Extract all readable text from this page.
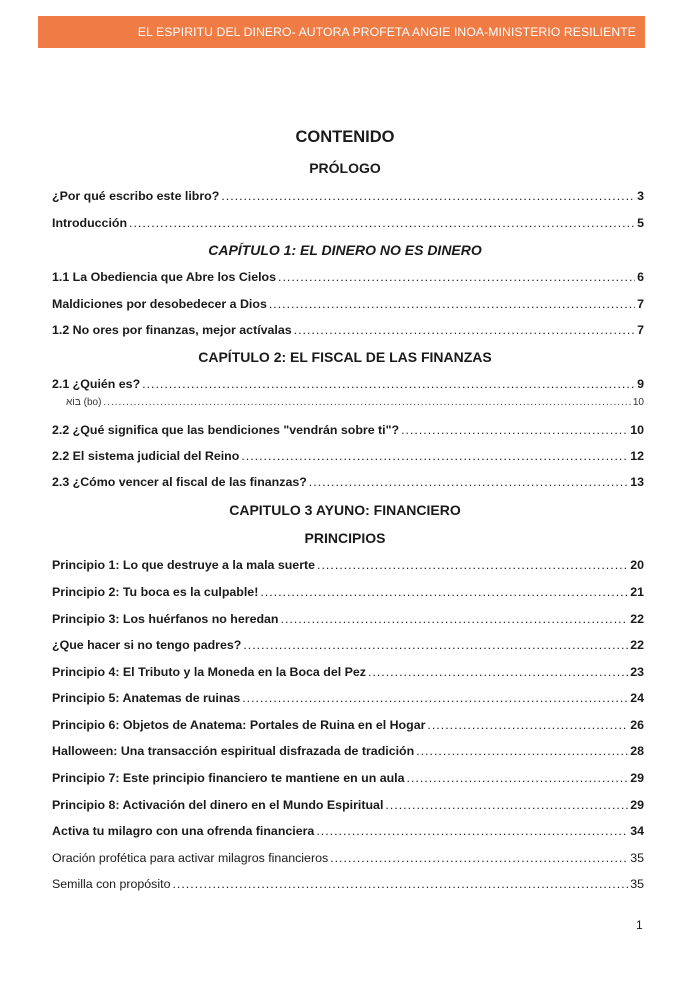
EL ESPIRITU DEL DINERO- AUTORA PROFETA ANGIE INOA-MINISTERIO RESILIENTE
CONTENIDO
PRÓLOGO
¿Por qué escribo este libro? .....	3
Introducción .....	5
CAPÍTULO 1: EL DINERO NO ES DINERO
1.1 La Obediencia que Abre los Cielos .....	6
Maldiciones por desobedecer a Dios .....	7
1.2 No ores por finanzas, mejor actívalas .....	7
CAPÍTULO 2: EL FISCAL DE LAS FINANZAS
2.1 ¿Quién es? .....	9
בּוֹא (bo) .....	10
2.2 ¿Qué significa que las bendiciones "vendrán sobre ti"? .....	10
2.2 El sistema judicial del Reino .....	12
2.3 ¿Cómo vencer al fiscal de las finanzas? .....	13
CAPITULO 3 AYUNO: FINANCIERO
PRINCIPIOS
Principio 1: Lo que destruye a la mala suerte .....	20
Principio 2: Tu boca es la culpable! .....	21
Principio 3: Los huérfanos no heredan .....	22
¿Que hacer si no tengo padres? .....	22
Principio 4: El Tributo y la Moneda en la Boca del Pez .....	23
Principio 5: Anatemas de ruinas .....	24
Principio 6: Objetos de Anatema: Portales de Ruina en el Hogar .....	26
Halloween: Una transacción espiritual disfrazada de tradición .....	28
Principio 7: Este principio financiero te mantiene en un aula .....	29
Principio 8: Activación del dinero en el Mundo Espiritual .....	29
Activa tu milagro con una ofrenda financiera .....	34
Oración profética para activar milagros financieros .....	35
Semilla con propósito .....	35
1
